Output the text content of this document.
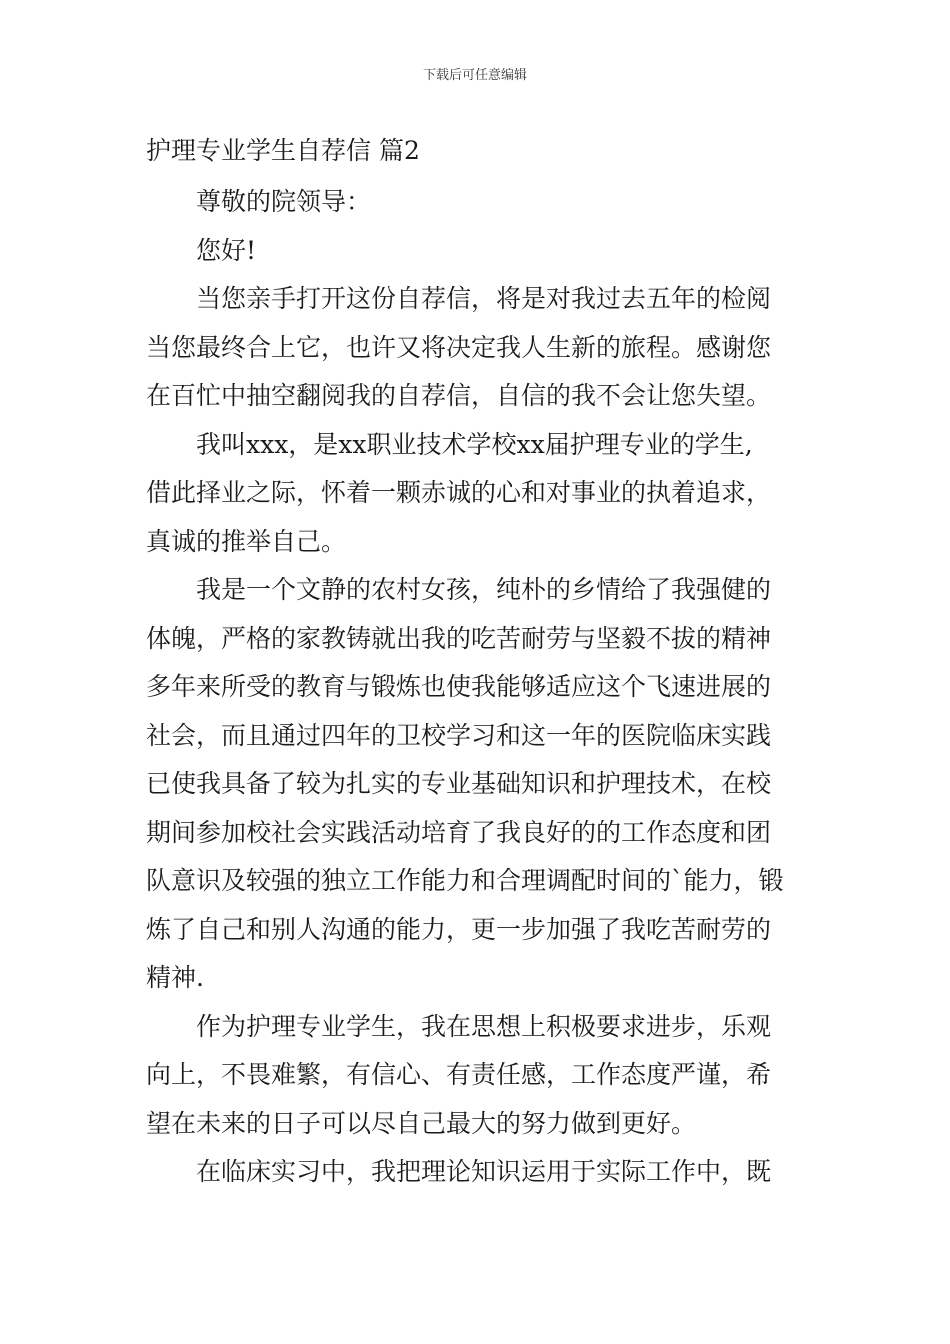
下载后可任意编辑
护理专业学生自荐信 篇2
尊敬的院领导：
您好!
当您亲手打开这份自荐信，将是对我过去五年的检阅
当您最终合上它，也许又将决定我人生新的旅程。感谢您
在百忙中抽空翻阅我的自荐信，自信的我不会让您失望。
我叫xxx，是xx职业技术学校xx届护理专业的学生,
借此择业之际，怀着一颗赤诚的心和对事业的执着追求，
真诚的推举自己。
我是一个文静的农村女孩，纯朴的乡情给了我强健的
体魄，严格的家教铸就出我的吃苦耐劳与坚毅不拔的精神
多年来所受的教育与锻炼也使我能够适应这个飞速进展的
社会，而且通过四年的卫校学习和这一年的医院临床实践
已使我具备了较为扎实的专业基础知识和护理技术，在校
期间参加校社会实践活动培育了我良好的的工作态度和团
队意识及较强的独立工作能力和合理调配时间的`能力，锻
炼了自己和别人沟通的能力，更一步加强了我吃苦耐劳的
精神.
作为护理专业学生，我在思想上积极要求进步，乐观
向上，不畏难繁，有信心、有责任感，工作态度严谨，希
望在未来的日子可以尽自己最大的努力做到更好。
在临床实习中，我把理论知识运用于实际工作中，既
